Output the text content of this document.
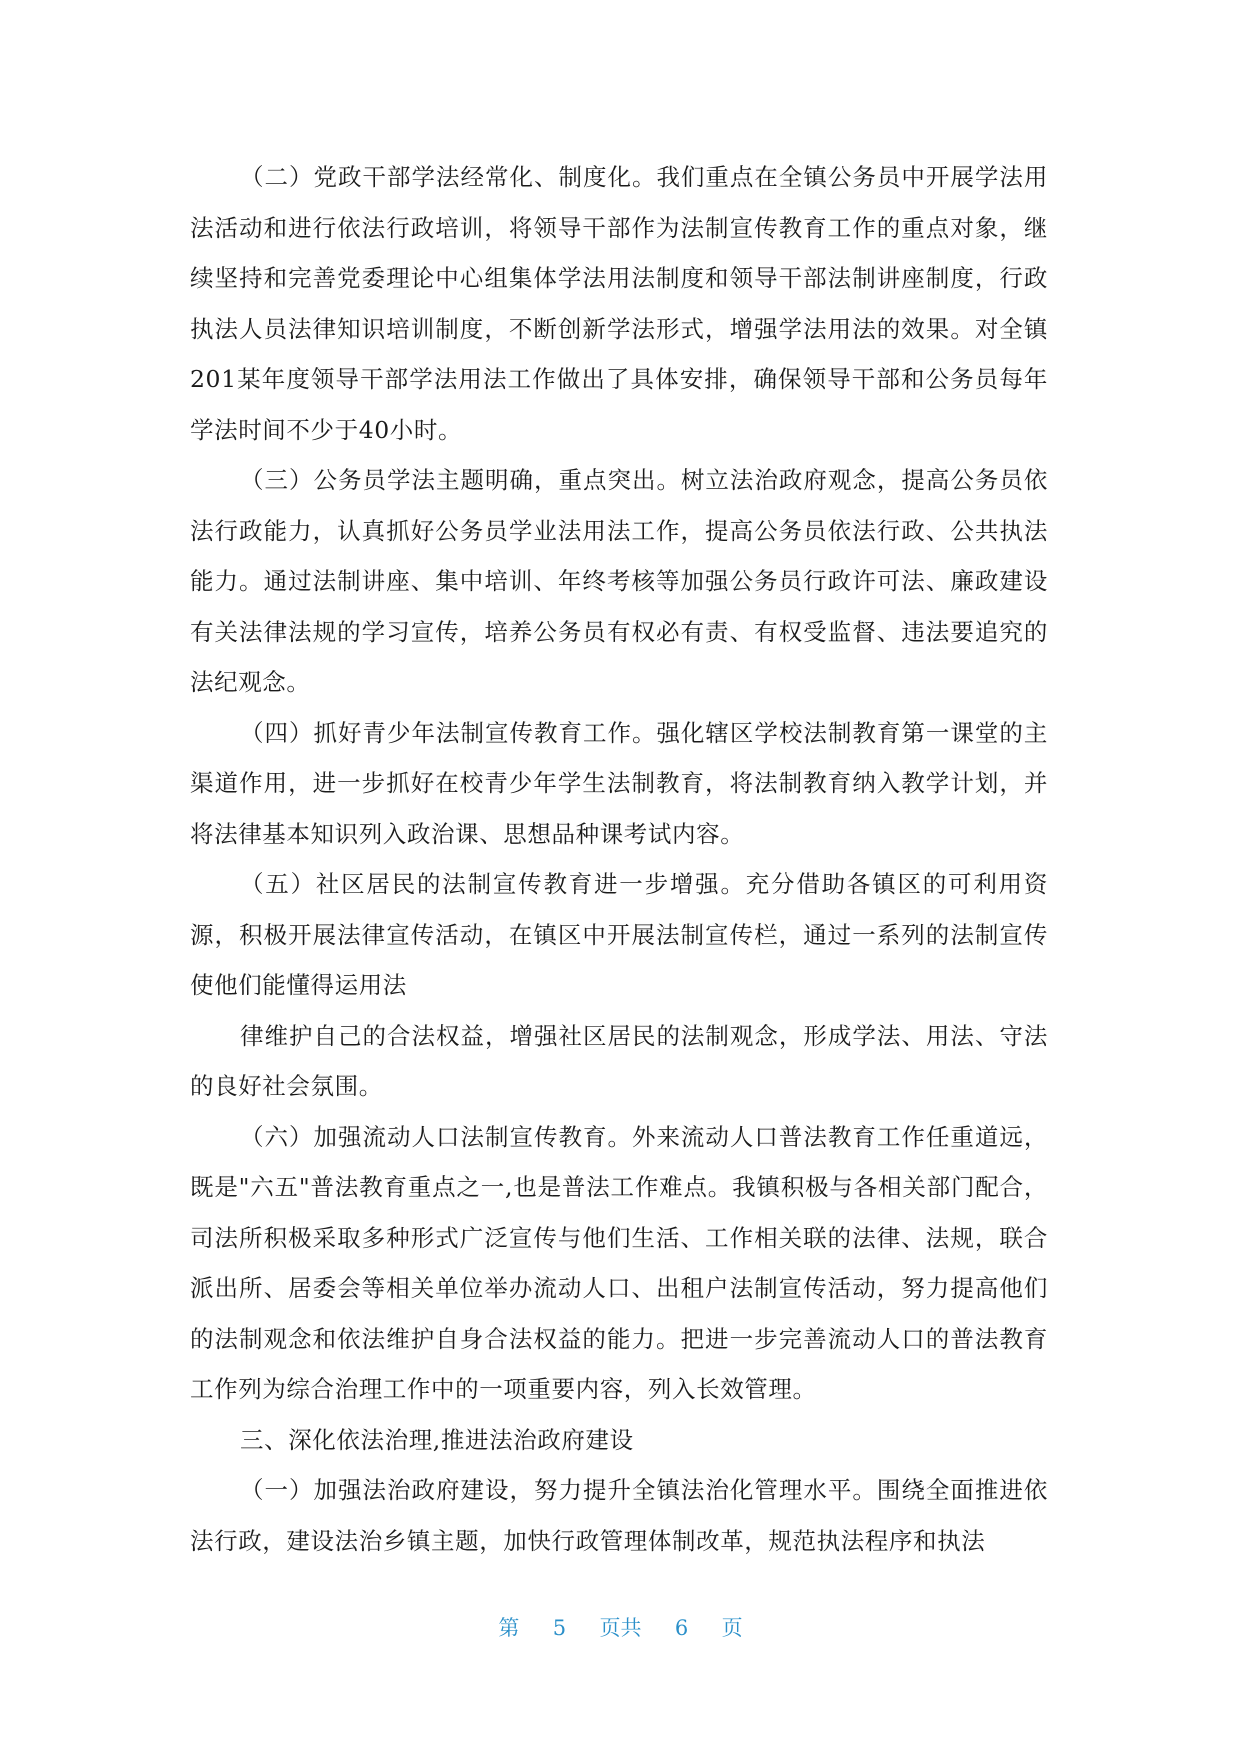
（二）党政干部学法经常化、制度化。我们重点在全镇公务员中开展学法用法活动和进行依法行政培训，将领导干部作为法制宣传教育工作的重点对象，继续坚持和完善党委理论中心组集体学法用法制度和领导干部法制讲座制度，行政执法人员法律知识培训制度，不断创新学法形式，增强学法用法的效果。对全镇201某年度领导干部学法用法工作做出了具体安排，确保领导干部和公务员每年学法时间不少于40小时。

（三）公务员学法主题明确，重点突出。树立法治政府观念，提高公务员依法行政能力，认真抓好公务员学业法用法工作，提高公务员依法行政、公共执法能力。通过法制讲座、集中培训、年终考核等加强公务员行政许可法、廉政建设有关法律法规的学习宣传，培养公务员有权必有责、有权受监督、违法要追究的法纪观念。

（四）抓好青少年法制宣传教育工作。强化辖区学校法制教育第一课堂的主渠道作用，进一步抓好在校青少年学生法制教育，将法制教育纳入教学计划，并将法律基本知识列入政治课、思想品种课考试内容。

（五）社区居民的法制宣传教育进一步增强。充分借助各镇区的可利用资源，积极开展法律宣传活动，在镇区中开展法制宣传栏，通过一系列的法制宣传使他们能懂得运用法

律维护自己的合法权益，增强社区居民的法制观念，形成学法、用法、守法的良好社会氛围。

（六）加强流动人口法制宣传教育。外来流动人口普法教育工作任重道远，既是"六五"普法教育重点之一,也是普法工作难点。我镇积极与各相关部门配合，司法所积极采取多种形式广泛宣传与他们生活、工作相关联的法律、法规，联合派出所、居委会等相关单位举办流动人口、出租户法制宣传活动，努力提高他们的法制观念和依法维护自身合法权益的能力。把进一步完善流动人口的普法教育工作列为综合治理工作中的一项重要内容，列入长效管理。

三、深化依法治理,推进法治政府建设

（一）加强法治政府建设，努力提升全镇法治化管理水平。围绕全面推进依法行政，建设法治乡镇主题，加快行政管理体制改革，规范执法程序和执法

第 5 页共 6 页
